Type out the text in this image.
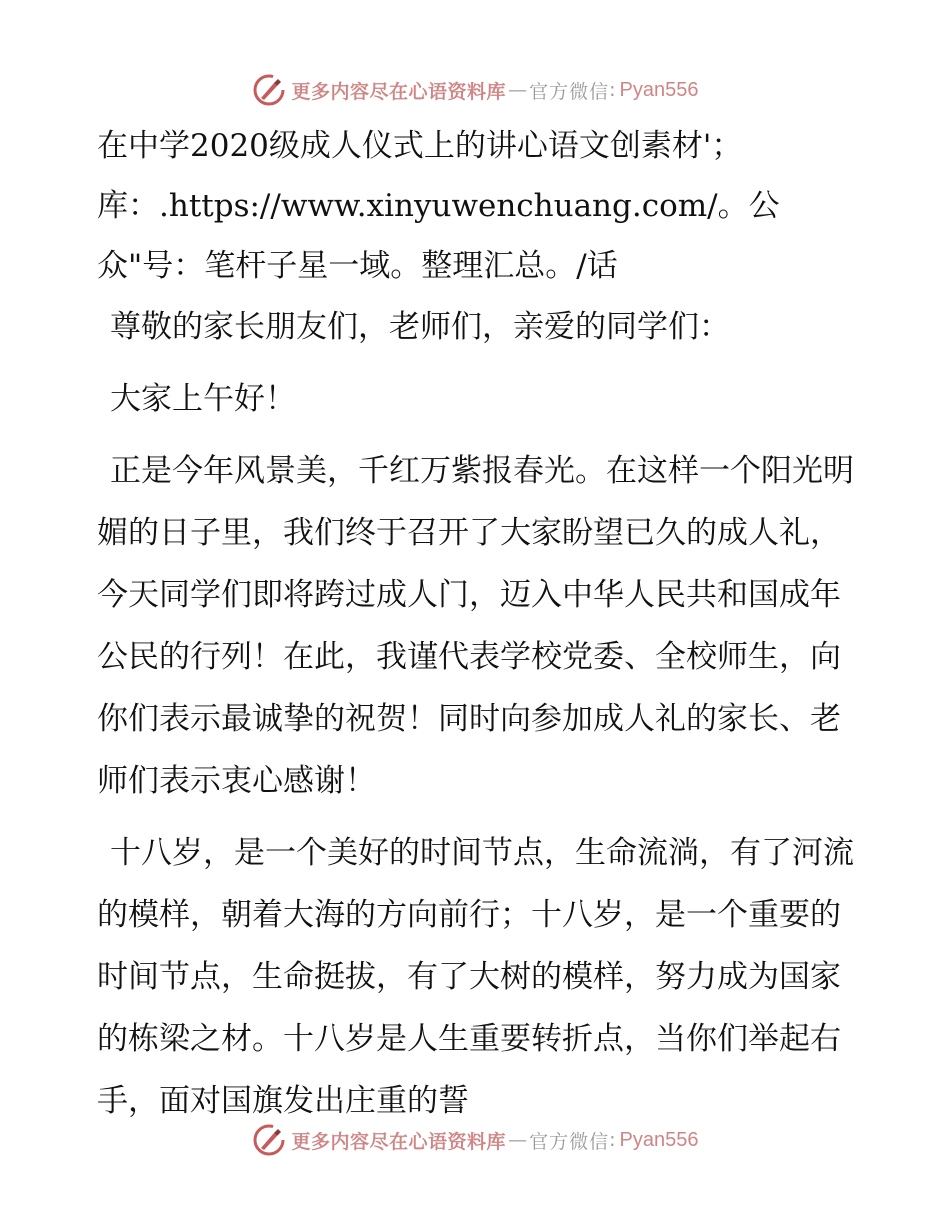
更多内容尽在心语资料库 — 官方微信 : Pyan556

在中学2020级成人仪式上的讲心语文创素材'；
库：.https://www.xinyuwenchuang.com/。公
众"号：笔杆子星一域。整理汇总。/话

尊敬的家长朋友们，老师们，亲爱的同学们：

大家上午好！

正是今年风景美，千红万紫报春光。在这样一个阳光明媚的日子里，我们终于召开了大家盼望已久的成人礼，今天同学们即将跨过成人门，迈入中华人民共和国成年公民的行列！在此，我谨代表学校党委、全校师生，向你们表示最诚挚的祝贺！同时向参加成人礼的家长、老师们表示衷心感谢！

十八岁，是一个美好的时间节点，生命流淌，有了河流的模样，朝着大海的方向前行；十八岁，是一个重要的时间节点，生命挺拔，有了大树的模样，努力成为国家的栋梁之材。十八岁是人生重要转折点，当你们举起右手，面对国旗发出庄重的誓

更多内容尽在心语资料库 — 官方微信 : Pyan556
